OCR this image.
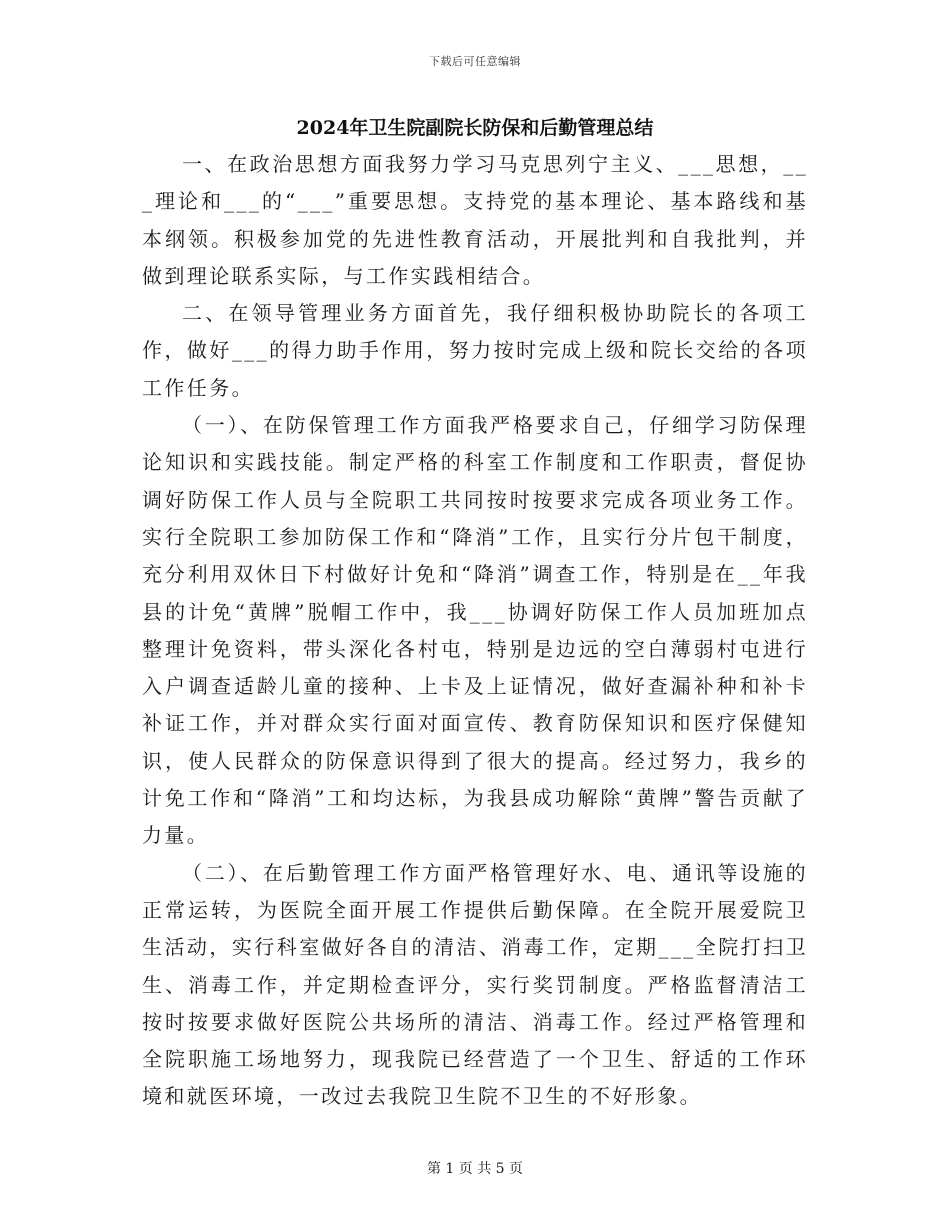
下载后可任意编辑
2024年卫生院副院长防保和后勤管理总结

一、在政治思想方面我努力学习马克思列宁主义、___思想，___理论和___的“___”重要思想。支持党的基本理论、基本路线和基本纲领。积极参加党的先进性教育活动，开展批判和自我批判，并做到理论联系实际，与工作实践相结合。

二、在领导管理业务方面首先，我仔细积极协助院长的各项工作，做好___的得力助手作用，努力按时完成上级和院长交给的各项工作任务。

（一）、在防保管理工作方面我严格要求自己，仔细学习防保理论知识和实践技能。制定严格的科室工作制度和工作职责，督促协调好防保工作人员与全院职工共同按时按要求完成各项业务工作。实行全院职工参加防保工作和“降消”工作，且实行分片包干制度，充分利用双休日下村做好计免和“降消”调查工作，特别是在__年我县的计免“黄牌”脱帽工作中，我___协调好防保工作人员加班加点整理计免资料，带头深化各村屯，特别是边远的空白薄弱村屯进行入户调查适龄儿童的接种、上卡及上证情况，做好查漏补种和补卡补证工作，并对群众实行面对面宣传、教育防保知识和医疗保健知识，使人民群众的防保意识得到了很大的提高。经过努力，我乡的计免工作和“降消”工和均达标，为我县成功解除“黄牌”警告贡献了力量。

（二）、在后勤管理工作方面严格管理好水、电、通讯等设施的正常运转，为医院全面开展工作提供后勤保障。在全院开展爱院卫生活动，实行科室做好各自的清洁、消毒工作，定期___全院打扫卫生、消毒工作，并定期检查评分，实行奖罚制度。严格监督清洁工按时按要求做好医院公共场所的清洁、消毒工作。经过严格管理和全院职施工场地努力，现我院已经营造了一个卫生、舒适的工作环境和就医环境，一改过去我院卫生院不卫生的不好形象。

第 1 页 共 5 页
